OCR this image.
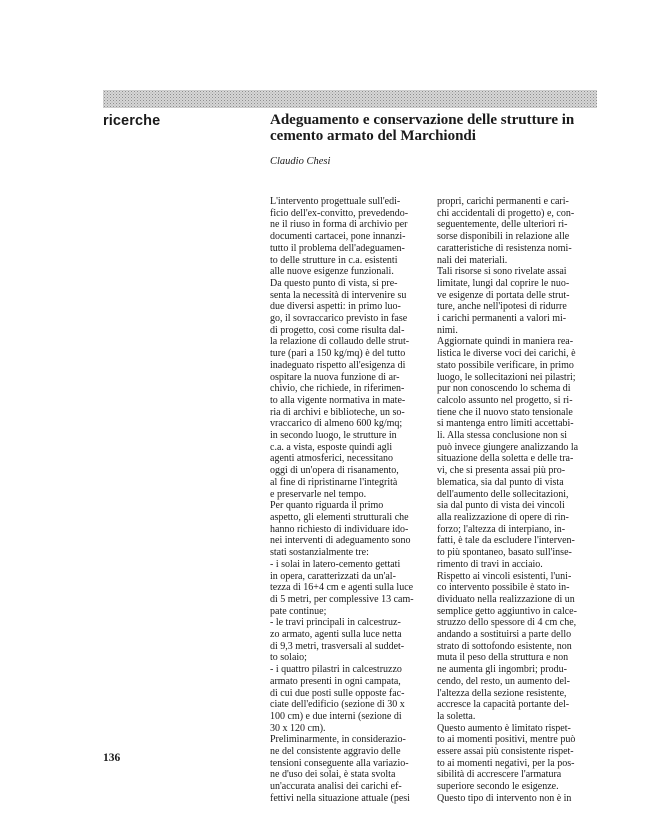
ricerche	Adeguamento e conservazione delle strutture in
cemento armato del Marchiondi
Claudio Chesi

L'intervento progettuale sull'edi-

ficio dell'ex-convitto, prevedendo-

ne il riuso in forma di archivio per

documenti cartacei, pone innanzi-

tutto il problema dell'adeguamen-

to delle strutture in c.a. esistenti

alle nuove esigenze funzionali.

Da questo punto di vista, si pre-

senta la necessità di intervenire su

due diversi aspetti: in primo luo-

go, il sovraccarico previsto in fase

di progetto, così come risulta dal-

la relazione di collaudo delle strut-

ture (pari a 150 kg/mq) è del tutto

inadeguato rispetto all'esigenza di

ospitare la nuova funzione di ar-

chivio, che richiede, in riferimen-

to alla vigente normativa in mate-

ria di archivi e biblioteche, un so-

vraccarico di almeno 600 kg/mq;

in secondo luogo, le strutture in

c.a. a vista, esposte quindi agli

agenti atmosferici, necessitano

oggi di un'opera di risanamento,

al fine di ripristinarne l'integrità

e preservarle nel tempo.

Per quanto riguarda il primo

aspetto, gli elementi strutturali che

hanno richiesto di individuare ido-

nei interventi di adeguamento sono

stati sostanzialmente tre:

- i solai in latero-cemento gettati

in opera, caratterizzati da un'al-

tezza di 16+4 cm e agenti sulla luce

di 5 metri, per complessive 13 cam-

pate continue;

- le travi principali in calcestruz-

zo armato, agenti sulla luce netta

di 9,3 metri, trasversali al suddet-

to solaio;

- i quattro pilastri in calcestruzzo

armato presenti in ogni campata,

di cui due posti sulle opposte fac-

ciate dell'edificio (sezione di 30 x

100 cm) e due interni (sezione di

30 x 120 cm).

Preliminarmente, in considerazio-

ne del consistente aggravio delle

tensioni conseguente alla variazio-

ne d'uso dei solai, è stata svolta

un'accurata analisi dei carichi ef-

fettivi nella situazione attuale (pesi

propri, carichi permanenti e cari-

chi accidentali di progetto) e, con-

seguentemente, delle ulteriori ri-

sorse disponibili in relazione alle

caratteristiche di resistenza nomi-

nali dei materiali.

Tali risorse si sono rivelate assai

limitate, lungi dal coprire le nuo-

ve esigenze di portata delle strut-

ture, anche nell'ipotesi di ridurre

i carichi permanenti a valori mi-

nimi.

Aggiornate quindi in maniera rea-

listica le diverse voci dei carichi, è

stato possibile verificare, in primo

luogo, le sollecitazioni nei pilastri;

pur non conoscendo lo schema di

calcolo assunto nel progetto, si ri-

tiene che il nuovo stato tensionale

si mantenga entro limiti accettabi-

li. Alla stessa conclusione non si

può invece giungere analizzando la

situazione della soletta e delle tra-

vi, che si presenta assai più pro-

blematica, sia dal punto di vista

dell'aumento delle sollecitazioni,

sia dal punto di vista dei vincoli

alla realizzazione di opere di rin-

forzo; l'altezza di interpiano, in-

fatti, è tale da escludere l'interven-

to più spontaneo, basato sull'inse-

rimento di travi in acciaio.

Rispetto ai vincoli esistenti, l'uni-

co intervento possibile è stato in-

dividuato nella realizzazione di un

semplice getto aggiuntivo in calce-

struzzo dello spessore di 4 cm che,

andando a sostituirsi a parte dello

strato di sottofondo esistente, non

muta il peso della struttura e non

ne aumenta gli ingombri; produ-

cendo, del resto, un aumento del-

l'altezza della sezione resistente,

accresce la capacità portante del-

la soletta.

Questo aumento è limitato rispet-

to ai momenti positivi, mentre può

essere assai più consistente rispet-

to ai momenti negativi, per la pos-

sibilità di accrescere l'armatura

superiore secondo le esigenze.

Questo tipo di intervento non è in

136
